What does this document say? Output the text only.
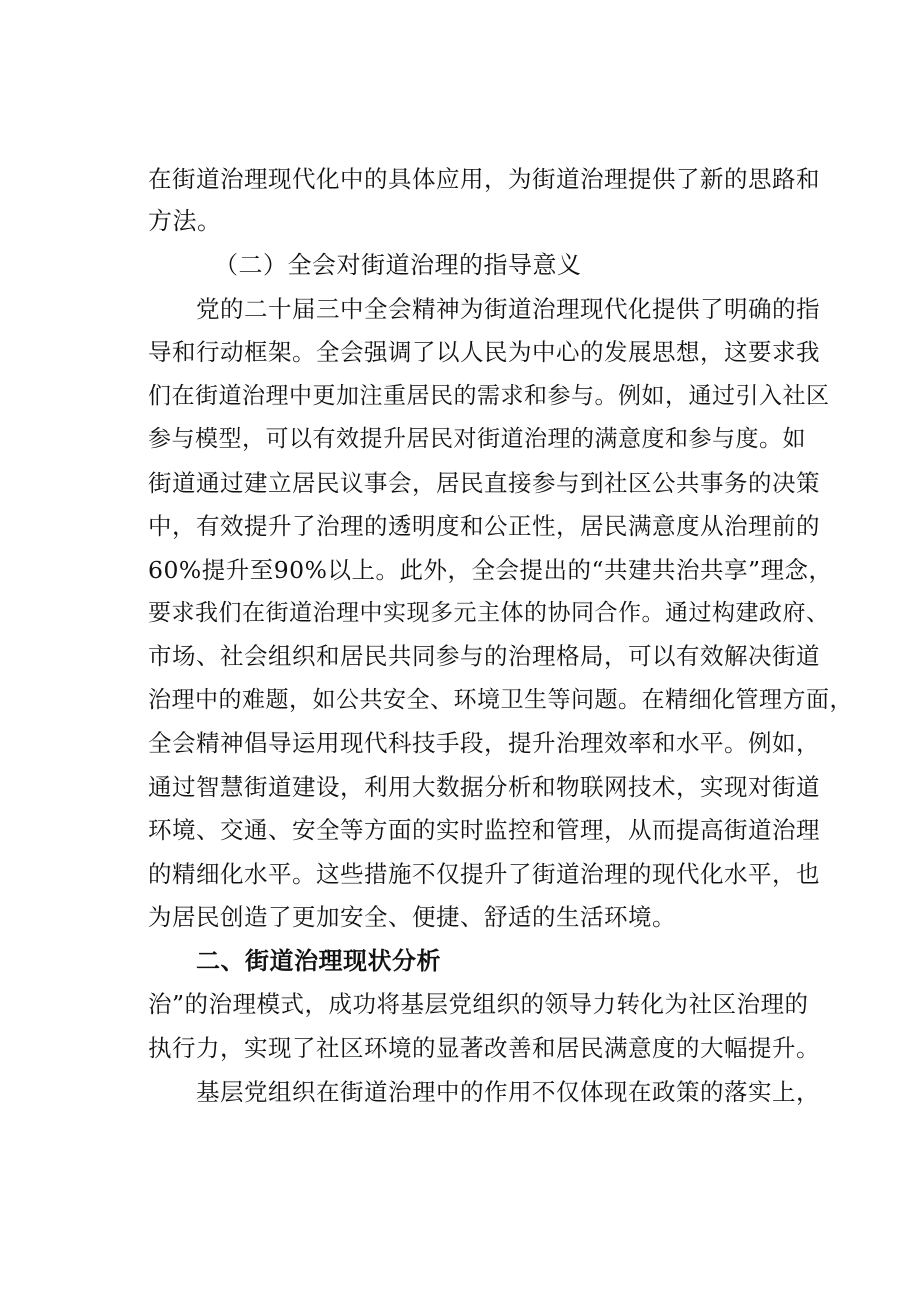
在街道治理现代化中的具体应用，为街道治理提供了新的思路和
方法。
（二）全会对街道治理的指导意义
党的二十届三中全会精神为街道治理现代化提供了明确的指
导和行动框架。全会强调了以人民为中心的发展思想，这要求我
们在街道治理中更加注重居民的需求和参与。例如，通过引入社区
参与模型，可以有效提升居民对街道治理的满意度和参与度。如
街道通过建立居民议事会，居民直接参与到社区公共事务的决策
中，有效提升了治理的透明度和公正性，居民满意度从治理前的
60%提升至90%以上。此外，全会提出的“共建共治共享”理念，
要求我们在街道治理中实现多元主体的协同合作。通过构建政府、
市场、社会组织和居民共同参与的治理格局，可以有效解决街道
治理中的难题，如公共安全、环境卫生等问题。在精细化管理方面，
全会精神倡导运用现代科技手段，提升治理效率和水平。例如，
通过智慧街道建设，利用大数据分析和物联网技术，实现对街道
环境、交通、安全等方面的实时监控和管理，从而提高街道治理
的精细化水平。这些措施不仅提升了街道治理的现代化水平，也
为居民创造了更加安全、便捷、舒适的生活环境。
二、街道治理现状分析
治”的治理模式，成功将基层党组织的领导力转化为社区治理的
执行力，实现了社区环境的显著改善和居民满意度的大幅提升。
基层党组织在街道治理中的作用不仅体现在政策的落实上，
